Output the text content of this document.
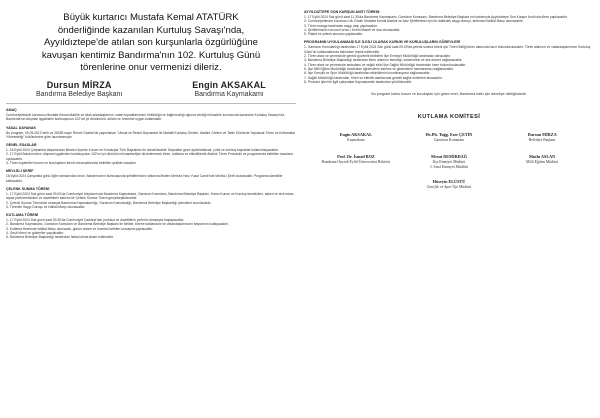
Büyük kurtarıcı Mustafa Kemal ATATÜRK
önderliğinde kazanılan Kurtuluş Savaşı'nda,
Ayyıldıztepe'de atılan son kurşunlarla özgürlüğüne
kavuşan kentimiz Bandırma'nın 102. Kurtuluş Günü
törenlerine onur vermenizi dileriz.
Dursun MİRZA
Bandırma Belediye Başkanı
Engin AKSAKAL
Bandırma Kaymakamı
AMAÇ
Cumhuriyetimizin kurucusu Mustafa Kemal Atatürk ve silah arkadaşlarının, vatan topraklarımızın bütünlüğü ve bağımsızlığı uğruna verdiği mücadele sonucunda kazanılan Kurtuluş Savaşı'nda, Bandırma'nın düşman işgalinden kurtuluşunun 102'nci yıl dönümünü, anlam ve önemine uygun kutlamaktır.
YASAL DAYANAK
Bu program, 05.05.2012 tarih ve 28283 sayılı Resmî Gazete'de yayımlanan "Ulusal ve Resmî Bayramlar ile Mahalli Kurtuluş Günleri, Atatürk Günleri ve Tarihi Günlerde Yapılacak Tören ve Kutlamalar Yönetmeliği" hükümlerine göre hazırlanmıştır.
GENEL ESASLAR
1- 18 Eylül 2024 Çarşamba akşamından itibaren İlçemiz Kurum ve Kuruluşlar Türk Bayrakları ile donatılacaktır. Bayraklar gece aydınlatılacak, yırtık ve solmuş bayraklar kullanılmayacaktır.
2- 17 Eylül Bandırma'nın düşman işgalinden kurtuluşunun 102'nci yıl dönümü münasebetiyle düzenlenecek tören, kutlama ve etkinliklerde Atatürk Tören Protokolü ve programında belirtilen esaslara uyulacaktır.
3- Tören kıyafetleri kurum ve kuruluşların kendi mevzuatlarında belirtilen şekilde olacaktır.
MEVLİD-İ ŞERİF
18 Eylül 2024 Çarşamba günü öğle namazından önce, Bandırma'nın kurtuluşunda şehitlerimizin ruhlarına ithafen Merkez Hacı Yusuf Camii'nde Mevlid-i Şerif okunacaktır. Programa davetliler katılacaktır.
ÇELENK SUNMA TÖRENİ
1- 17 Eylül 2024 Salı günü saat 09.00'da Cumhuriyet Meydanı'nda Bandırma Kaymakamı, Garnizon Komutanı, Bandırma Belediye Başkanı, Kamu Kurum ve Kuruluş temsilcileri, askeri ve sivil erkan, siyasi parti temsilcileri ve davetlilerin katılımı ile Çelenk Sunma Töreni gerçekleştirilecektir.
2- Çelenk Sunma Töreninde sırasıyla Bandırma Kaymakamlığı, Garnizon Komutanlığı, Bandırma Belediye Başkanlığı çelenkleri sunulacaktır.
3- Törende Saygı Duruşu ve İstiklal Marşı okunacaktır.
KUTLAMA TÖRENİ
1- 17 Eylül 2024 Salı günü saat 09.30'da Cumhuriyet Caddesi'nde protokol ve davetlilerin yerlerini almasıyla başlayacaktır.
2- Bandırma Kaymakamı, Garnizon Komutanı ve Bandırma Belediye Başkanı ile birlikte, törene katılanların ve vatandaşlarımızın bayramını kutlayacaktır.
3- Kutlama töreninde İstiklal Marşı okunacak, günün anlam ve önemini belirten konuşma yapılacaktır.
4- Geçit töreni ve gösteriler yapılacaktır.
5- Bandırma Belediye Başkanlığı tarafından halka lokma ikram edilecektir.
AYYILDIZTEPE SON KURŞUN ANITI TÖRENİ
1- 17 Eylül 2024 Salı günü saat 11.30'da Bandırma Kaymakamı, Garnizon Komutanı, Bandırma Belediye Başkanı'nın katılımıyla Ayyıldıztepe Son Kurşun Anıtı'nda tören yapılacaktır.
2- Cumhuriyetimizin kurucusu Ulu Önder Mustafa Kemal Atatürk ve Aziz Şehitlerimiz için bir dakikalık saygı duruşu, ardından İstiklal Marşı okunacaktır.
3- Tören manga tarafından saygı atışı yapılacaktır.
4- Şehitlerimizin ruhuna Kur'an-ı Kerim tilaveti ve dua okunacaktır.
5- Plaket ve çelenk sunumu yapılacaktır.
PROGRAMIN UYGULANMASI İLE İLGİLİ OLARAK KURUM VE KURULUŞLARIN GÖREVLERİ
1- Garnizon Komutanlığı tarafından 17 Eylül 2024 Salı günü saat 09.00'da çelenk sunma töreni için Tören Birliği tören alanında hazır bulundurulacaktır. Tören alanının ve vatandaşlarımızın Kurtuluş Günü'nü kutlamalarında katılımları teşvik edilecektir.
2- Tören alanı ve çevresinde gerekli güvenlik tedbirleri İlçe Emniyet Müdürlüğü tarafından alınacaktır.
3- Bandırma Belediye Başkanlığı tarafından tören alanının temizliği, süslenmesi ve ses düzeni sağlanacaktır.
4- Tören alanı ve çevresinde ambulans ve sağlık ekibi İlçe Sağlık Müdürlüğü tarafından hazır bulundurulacaktır.
5- İlçe Milli Eğitim Müdürlüğü tarafından öğrencilerin katılımı ve gösterilerin hazırlanması sağlanacaktır.
6- İlçe Gençlik ve Spor Müdürlüğü tarafından etkinliklerin koordinasyonu sağlanacaktır.
7- Sağlık Müdürlüğü tarafından, tören ve etkinlik alanlarında gerekli sağlık önlemleri alınacaktır.
8- Protokol işleri ile ilgili çalışmalar Kaymakamlık tarafından yürütülecektir.
Bu program kamu kurum ve kuruluşları için görev emri, Bandırma halkı için davetiye niteliğindedir.
KUTLAMA KOMİTESİ
Engin AKSAKAL
Kaymakam
Hv.Plt. Tuğg. Eser ÇETİN
Garnizon Komutanı
Dursun MİRZA
Belediye Başkanı
Prof. Dr. İsmail BOZ
Bandırma Onyedi Eylül Üniversitesi Rektörü
Mesut DEMİRDAĞ
İlçe Emniyet Müdürü
Mutlu ASLAN
Milli Eğitim Müdürü
J. Sınıf Emniyet Müdürü
Hüseyin ELÜSTÜ
Gençlik ve Spor İlçe Müdürü
